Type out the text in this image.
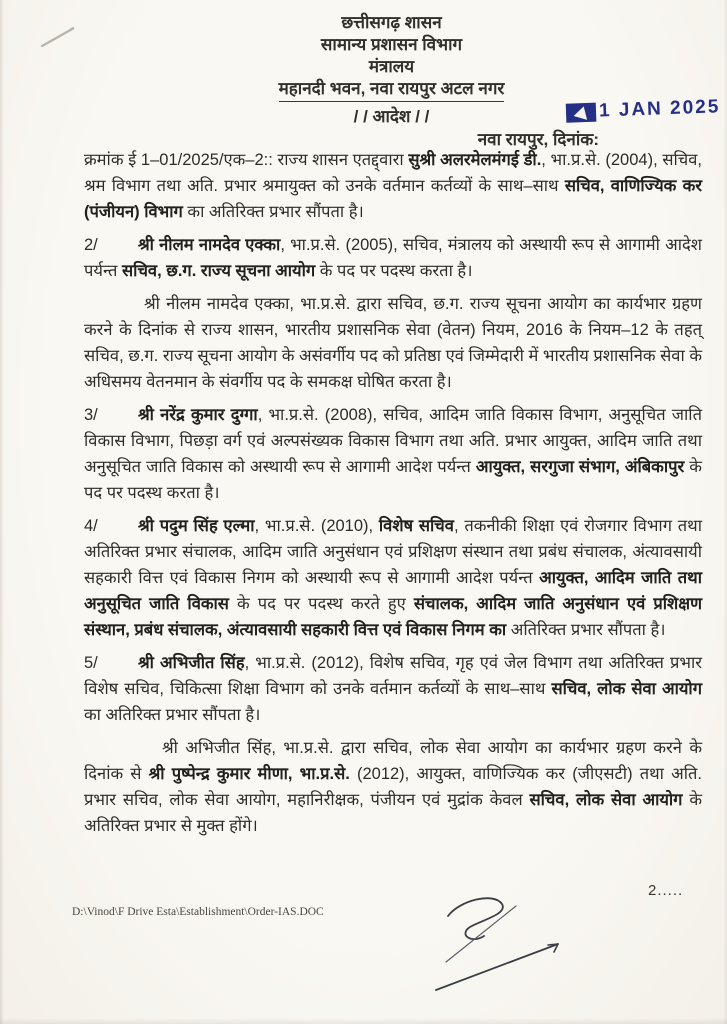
छत्तीसगढ़ शासन
सामान्य प्रशासन विभाग
मंत्रालय
महानदी भवन, नवा रायपुर अटल नगर
/ / आदेश / /	1 JAN 2025
नवा रायपुर, दिनांक:

क्रमांक ई 1–01/2025/एक–2:: राज्य शासन एतद्द्वारा सुश्री अलरमेलमंगई डी., भा.प्र.से. (2004), सचिव, श्रम विभाग तथा अति. प्रभार श्रमायुक्त को उनके वर्तमान कर्तव्यों के साथ–साथ सचिव, वाणिज्यिक कर (पंजीयन) विभाग का अतिरिक्त प्रभार सौंपता है।

2/ श्री नीलम नामदेव एक्का, भा.प्र.से. (2005), सचिव, मंत्रालय को अस्थायी रूप से आगामी आदेश पर्यन्त सचिव, छ.ग. राज्य सूचना आयोग के पद पर पदस्थ करता है।

श्री नीलम नामदेव एक्का, भा.प्र.से. द्वारा सचिव, छ.ग. राज्य सूचना आयोग का कार्यभार ग्रहण करने के दिनांक से राज्य शासन, भारतीय प्रशासनिक सेवा (वेतन) नियम, 2016 के नियम–12 के तहत् सचिव, छ.ग. राज्य सूचना आयोग के असंवर्गीय पद को प्रतिष्ठा एवं जिम्मेदारी में भारतीय प्रशासनिक सेवा के अधिसमय वेतनमान के संवर्गीय पद के समकक्ष घोषित करता है।

3/ श्री नरेंद्र कुमार दुग्गा, भा.प्र.से. (2008), सचिव, आदिम जाति विकास विभाग, अनुसूचित जाति विकास विभाग, पिछड़ा वर्ग एवं अल्पसंख्यक विकास विभाग तथा अति. प्रभार आयुक्त, आदिम जाति तथा अनुसूचित जाति विकास को अस्थायी रूप से आगामी आदेश पर्यन्त आयुक्त, सरगुजा संभाग, अंबिकापुर के पद पर पदस्थ करता है।

4/ श्री पदुम सिंह एल्मा, भा.प्र.से. (2010), विशेष सचिव, तकनीकी शिक्षा एवं रोजगार विभाग तथा अतिरिक्त प्रभार संचालक, आदिम जाति अनुसंधान एवं प्रशिक्षण संस्थान तथा प्रबंध संचालक, अंत्यावसायी सहकारी वित्त एवं विकास निगम को अस्थायी रूप से आगामी आदेश पर्यन्त आयुक्त, आदिम जाति तथा अनुसूचित जाति विकास के पद पर पदस्थ करते हुए संचालक, आदिम जाति अनुसंधान एवं प्रशिक्षण संस्थान, प्रबंध संचालक, अंत्यावसायी सहकारी वित्त एवं विकास निगम का अतिरिक्त प्रभार सौंपता है।

5/ श्री अभिजीत सिंह, भा.प्र.से. (2012), विशेष सचिव, गृह एवं जेल विभाग तथा अतिरिक्त प्रभार विशेष सचिव, चिकित्सा शिक्षा विभाग को उनके वर्तमान कर्तव्यों के साथ–साथ सचिव, लोक सेवा आयोग का अतिरिक्त प्रभार सौंपता है।

श्री अभिजीत सिंह, भा.प्र.से. द्वारा सचिव, लोक सेवा आयोग का कार्यभार ग्रहण करने के दिनांक से श्री पुष्पेन्द्र कुमार मीणा, भा.प्र.से. (2012), आयुक्त, वाणिज्यिक कर (जीएसटी) तथा अति. प्रभार सचिव, लोक सेवा आयोग, महानिरीक्षक, पंजीयन एवं मुद्रांक केवल सचिव, लोक सेवा आयोग के अतिरिक्त प्रभार से मुक्त होंगे।

2.....
D:\Vinod\F Drive Esta\Establishment\Order-IAS.DOC
